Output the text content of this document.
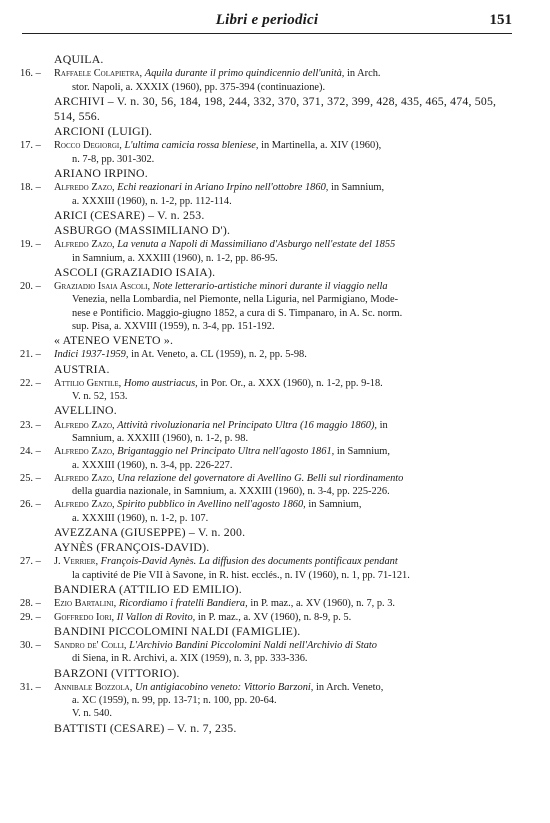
Libri e periodici	151
AQUILA.
16. –	Raffaele Colapietra, Aquila durante il primo quindicennio dell'unità, in Arch.
stor. Napoli, a. XXXIX (1960), pp. 375-394 (continuazione).
ARCHIVI – V. n. 30, 56, 184, 198, 244, 332, 370, 371, 372, 399, 428, 435, 465, 474, 505, 514, 556.
ARCIONI (LUIGI).
17. –	Rocco Degiorgi, L'ultima camicia rossa bleniese, in Martinella, a. XIV (1960),
n. 7-8, pp. 301-302.
ARIANO IRPINO.
18. –	Alfredo Zazo, Echi reazionari in Ariano Irpino nell'ottobre 1860, in Samnium,
a. XXXIII (1960), n. 1-2, pp. 112-114.
ARICI (CESARE) – V. n. 253.
ASBURGO (MASSIMILIANO D').
19. –	Alfredo Zazo, La venuta a Napoli di Massimiliano d'Asburgo nell'estate del 1855
in Samnium, a. XXXIII (1960), n. 1-2, pp. 86-95.
ASCOLI (GRAZIADIO ISAIA).
20. –	Graziadio Isaia Ascoli, Note letterario-artistiche minori durante il viaggio nella
Venezia, nella Lombardia, nel Piemonte, nella Liguria, nel Parmigiano, Mode-
nese e Pontificio. Maggio-giugno 1852, a cura di S. Timpanaro, in A. Sc. norm.
sup. Pisa, a. XXVIII (1959), n. 3-4, pp. 151-192.
« ATENEO VENETO ».
21. –	Indici 1937-1959, in At. Veneto, a. CL (1959), n. 2, pp. 5-98.
AUSTRIA.
22. –	Attilio Gentile, Homo austriacus, in Por. Or., a. XXX (1960), n. 1-2, pp. 9-18.
V. n. 52, 153.
AVELLINO.
23. –	Alfredo Zazo, Attività rivoluzionaria nel Principato Ultra (16 maggio 1860), in
Samnium, a. XXXIII (1960), n. 1-2, p. 98.
24. –	Alfredo Zazo, Brigantaggio nel Principato Ultra nell'agosto 1861, in Samnium,
a. XXXIII (1960), n. 3-4, pp. 226-227.
25. –	Alfredo Zazo, Una relazione del governatore di Avellino G. Belli sul riordinamento
della guardia nazionale, in Samnium, a. XXXIII (1960), n. 3-4, pp. 225-226.
26. –	Alfredo Zazo, Spirito pubblico in Avellino nell'agosto 1860, in Samnium,
a. XXXIII (1960), n. 1-2, p. 107.
AVEZZANA (GIUSEPPE) – V. n. 200.
AYNÈS (FRANÇOIS-DAVID).
27. –	J. Verrier, François-David Aynès. La diffusion des documents pontificaux pendant
la captivité de Pie VII à Savone, in R. hist. ecclés., n. IV (1960), n. 1, pp. 71-121.
BANDIERA (ATTILIO ED EMILIO).
28. –	Ezio Bartalini, Ricordiamo i fratelli Bandiera, in P. maz., a. XV (1960), n. 7, p. 3.
29. –	Goffredo Iori, Il Vallon di Rovito, in P. maz., a. XV (1960), n. 8-9, p. 5.
BANDINI PICCOLOMINI NALDI (FAMIGLIE).
30. –	Sandro de' Colli, L'Archivio Bandini Piccolomini Naldi nell'Archivio di Stato
di Siena, in R. Archivi, a. XIX (1959), n. 3, pp. 333-336.
BARZONI (VITTORIO).
31. –	Annibale Bozzola, Un antigiacobino veneto: Vittorio Barzoni, in Arch. Veneto,
a. XC (1959), n. 99, pp. 13-71; n. 100, pp. 20-64.
V. n. 540.
BATTISTI (CESARE) – V. n. 7, 235.
